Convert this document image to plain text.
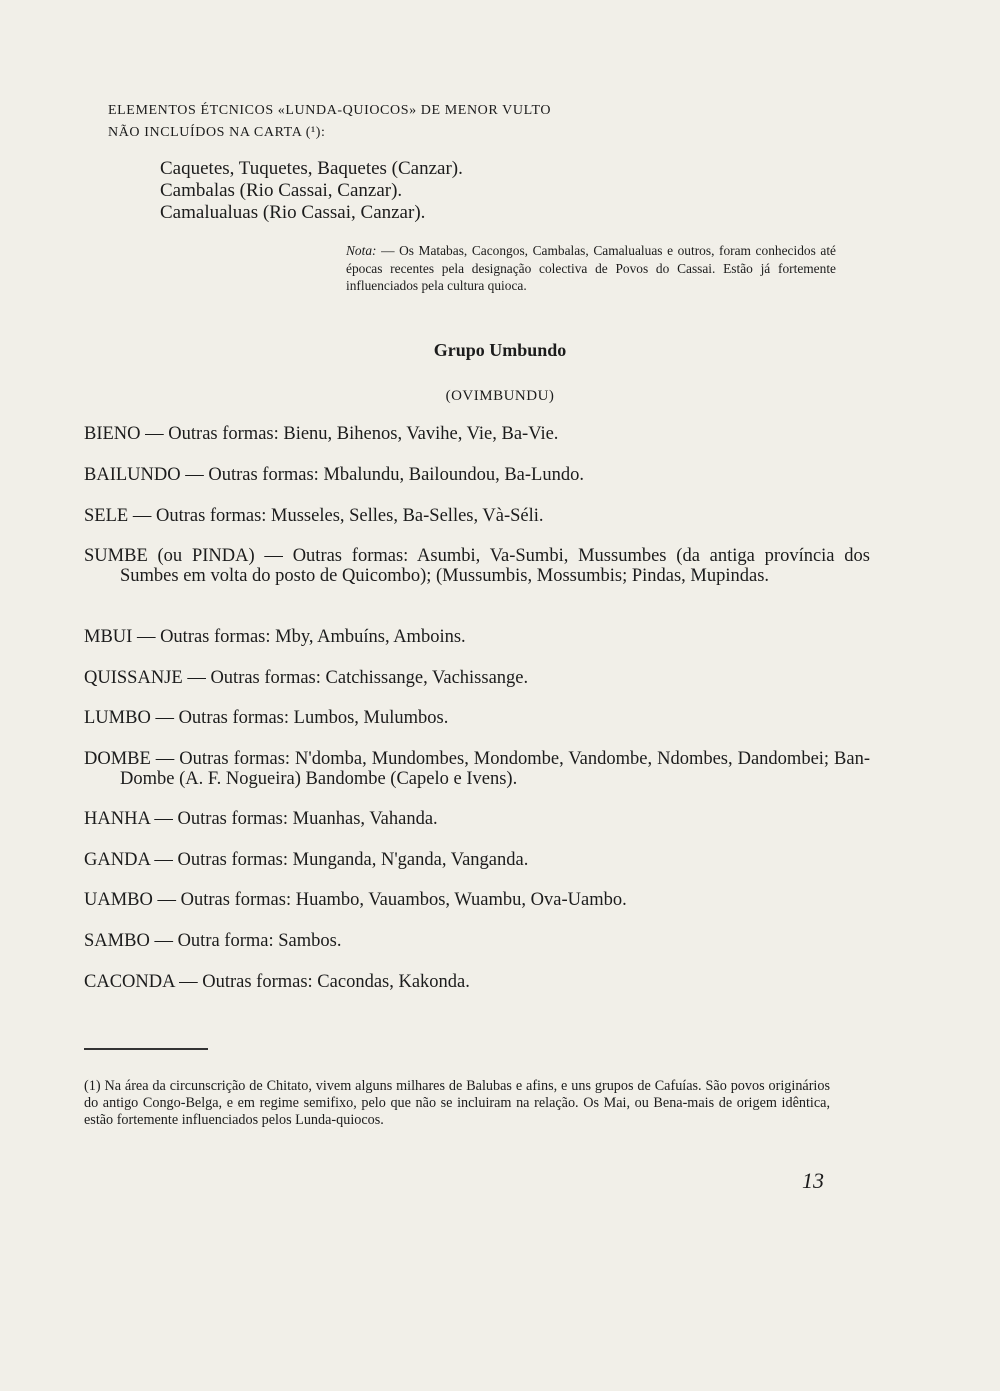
ELEMENTOS ÉTCNICOS «LUNDA-QUIOCOS» DE MENOR VULTO
NÃO INCLUÍDOS NA CARTA (¹):
Caquetes, Tuquetes, Baquetes (Canzar).
Cambalas (Rio Cassai, Canzar).
Camalualuas (Rio Cassai, Canzar).
Nota: — Os Matabas, Cacongos, Cambalas, Camalualuas e outros, foram conhecidos até épocas recentes pela designação colectiva de Povos do Cassai. Estão já fortemente influenciados pela cultura quioca.
Grupo Umbundo
(OVIMBUNDU)
BIENO — Outras formas: Bienu, Bihenos, Vavihe, Vie, Ba-Vie.
BAILUNDO — Outras formas: Mbalundu, Bailoundou, Ba-Lundo.
SELE — Outras formas: Musseles, Selles, Ba-Selles, Và-Séli.
SUMBE (ou PINDA) — Outras formas: Asumbi, Va-Sumbi, Mussumbes (da antiga província dos Sumbes em volta do posto de Quicombo); (Mussumbis, Mossumbis; Pindas, Mupindas.
MBUI — Outras formas: Mby, Ambuíns, Amboins.
QUISSANJE — Outras formas: Catchissange, Vachissange.
LUMBO — Outras formas: Lumbos, Mulumbos.
DOMBE — Outras formas: N'domba, Mundombes, Mondombe, Vandombe, Ndombes, Dandombei; Ban-Dombe (A. F. Nogueira) Bandombe (Capelo e Ivens).
HANHA — Outras formas: Muanhas, Vahanda.
GANDA — Outras formas: Munganda, N'ganda, Vanganda.
UAMBO — Outras formas: Huambo, Vauambos, Wuambu, Ova-Uambo.
SAMBO — Outra forma: Sambos.
CACONDA — Outras formas: Cacondas, Kakonda.
(1) Na área da circunscrição de Chitato, vivem alguns milhares de Balubas e afins, e uns grupos de Cafuías. São povos originários do antigo Congo-Belga, e em regime semifixo, pelo que não se incluiram na relação. Os Mai, ou Bena-mais de origem idêntica, estão fortemente influenciados pelos Lunda-quiocos.
13
